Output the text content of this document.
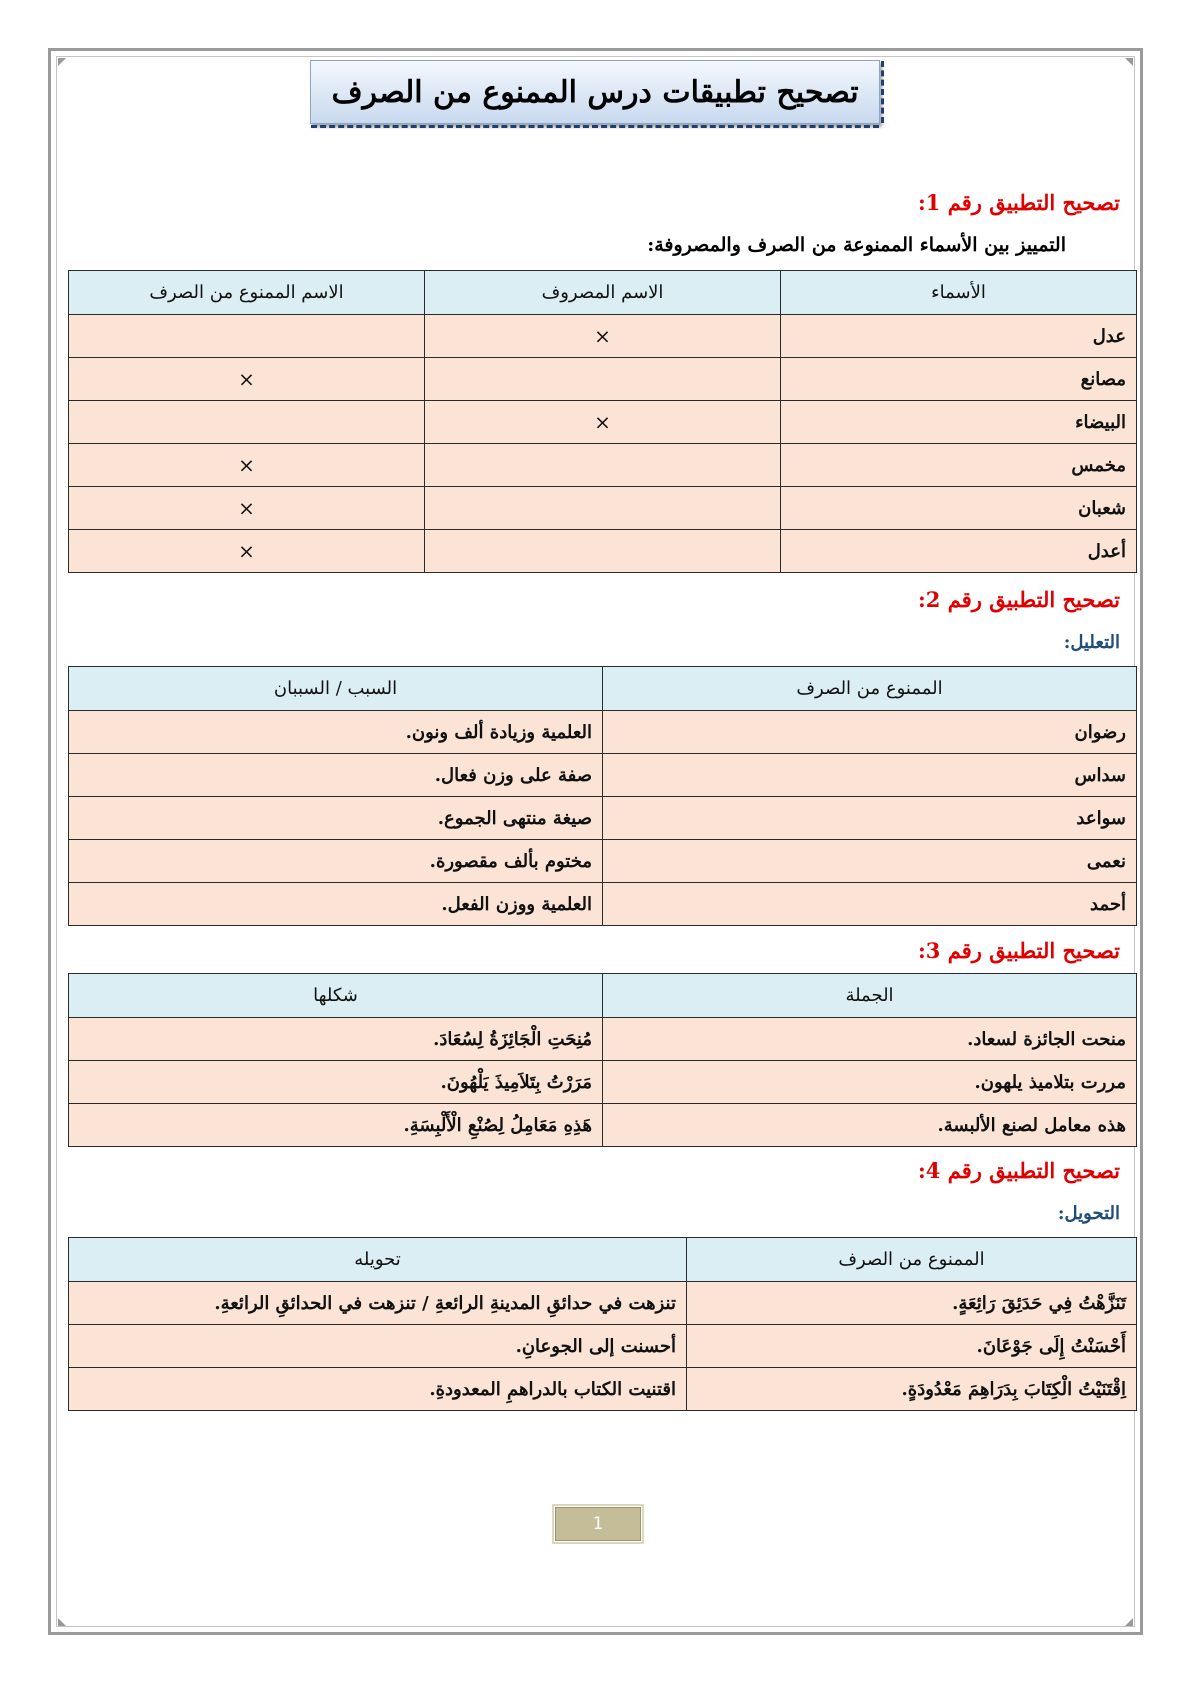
تصحيح تطبيقات درس الممنوع من الصرف
تصحيح التطبيق رقم 1:
التمييز بين الأسماء الممنوعة من الصرف والمصروفة:
الأسماء	الاسم المصروف	الاسم الممنوع من الصرف
عدل	×	
مصانع		×
البيضاء	×	
مخمس		×
شعبان		×
أعدل		×
تصحيح التطبيق رقم 2:
التعليل:
الممنوع من الصرف	السبب / السببان
رضوان	العلمية وزيادة ألف ونون.
سداس	صفة على وزن فعال.
سواعد	صيغة منتهى الجموع.
نعمى	مختوم بألف مقصورة.
أحمد	العلمية ووزن الفعل.
تصحيح التطبيق رقم 3:
الجملة	شكلها
منحت الجائزة لسعاد.	مُنِحَتِ الْجَائِزَةُ لِسُعَادَ.
مررت بتلاميذ يلهون.	مَرَرْتُ بِتَلاَمِيذَ يَلْهُونَ.
هذه معامل لصنع الألبسة.	هَذِهِ مَعَامِلُ لِصُنْعِ الْأَلْبِسَةِ.
تصحيح التطبيق رقم 4:
التحويل:
الممنوع من الصرف	تحويله
تَنَزَّهْتُ فِي حَدَئِقَ رَائِعَةٍ.	تنزهت في حدائقِ المدينةِ الرائعةِ / تنزهت في الحدائقِ الرائعةِ.
أَحْسَنْتُ إِلَى جَوْعَانَ.	أحسنت إلى الجوعانِ.
اِقْتَنَيْتُ الْكِتَابَ بِدَرَاهِمَ مَعْدُودَةٍ.	اقتنيت الكتاب بالدراهمِ المعدودةِ.
1
